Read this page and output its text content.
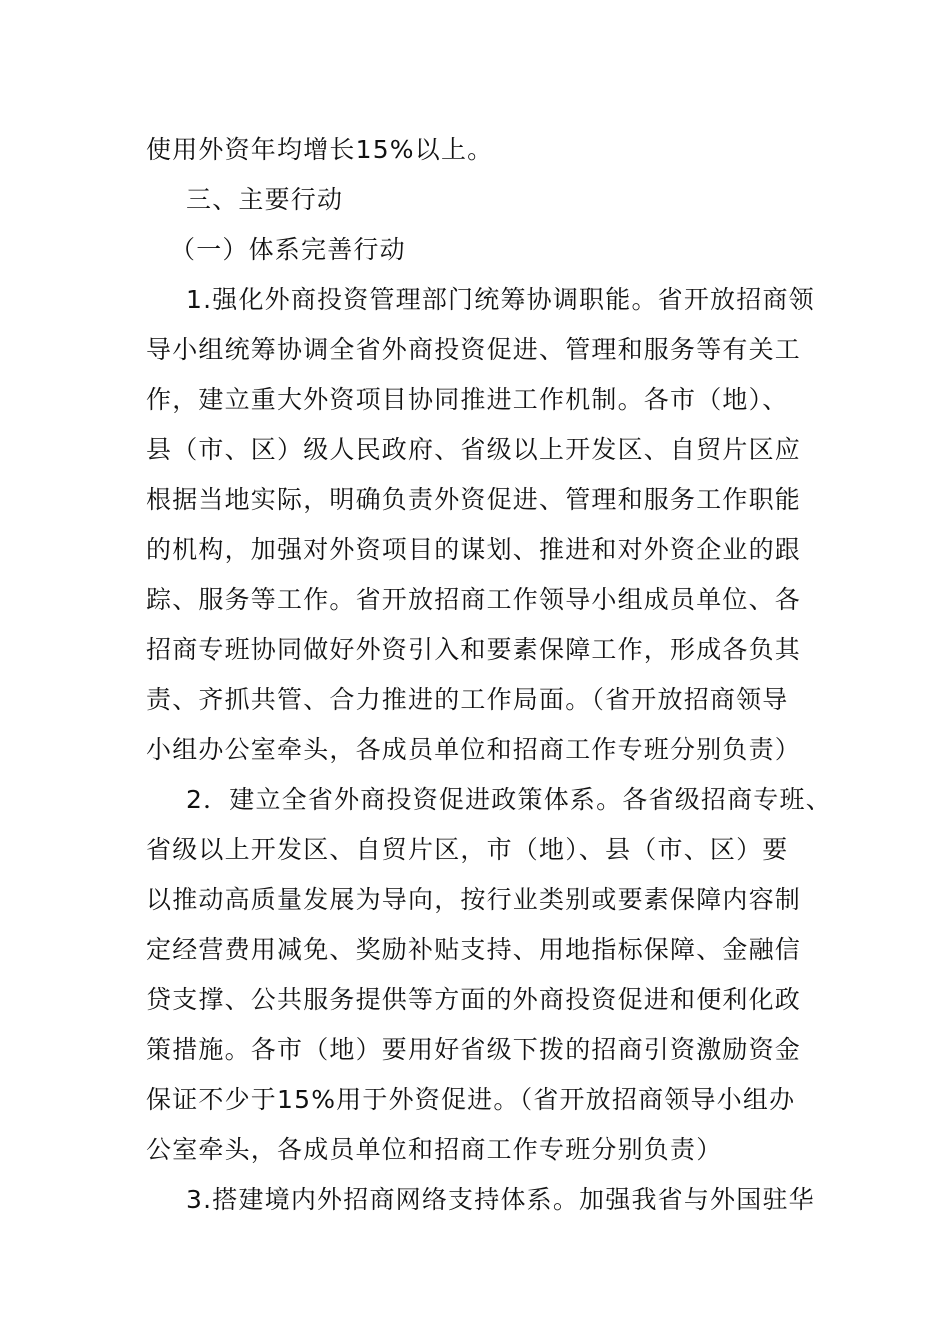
使用外资年均增长15%以上。
三、主要行动
（一）体系完善行动
1.强化外商投资管理部门统筹协调职能。省开放招商领
导小组统筹协调全省外商投资促进、管理和服务等有关工
作，建立重大外资项目协同推进工作机制。各市（地）、
县（市、区）级人民政府、省级以上开发区、自贸片区应
根据当地实际，明确负责外资促进、管理和服务工作职能
的机构，加强对外资项目的谋划、推进和对外资企业的跟
踪、服务等工作。省开放招商工作领导小组成员单位、各
招商专班协同做好外资引入和要素保障工作，形成各负其
责、齐抓共管、合力推进的工作局面。（省开放招商领导
小组办公室牵头，各成员单位和招商工作专班分别负责）
2．建立全省外商投资促进政策体系。各省级招商专班、
省级以上开发区、自贸片区，市（地）、县（市、区）要
以推动高质量发展为导向，按行业类别或要素保障内容制
定经营费用减免、奖励补贴支持、用地指标保障、金融信
贷支撑、公共服务提供等方面的外商投资促进和便利化政
策措施。各市（地）要用好省级下拨的招商引资激励资金
保证不少于15%用于外资促进。（省开放招商领导小组办
公室牵头，各成员单位和招商工作专班分别负责）
3.搭建境内外招商网络支持体系。加强我省与外国驻华
